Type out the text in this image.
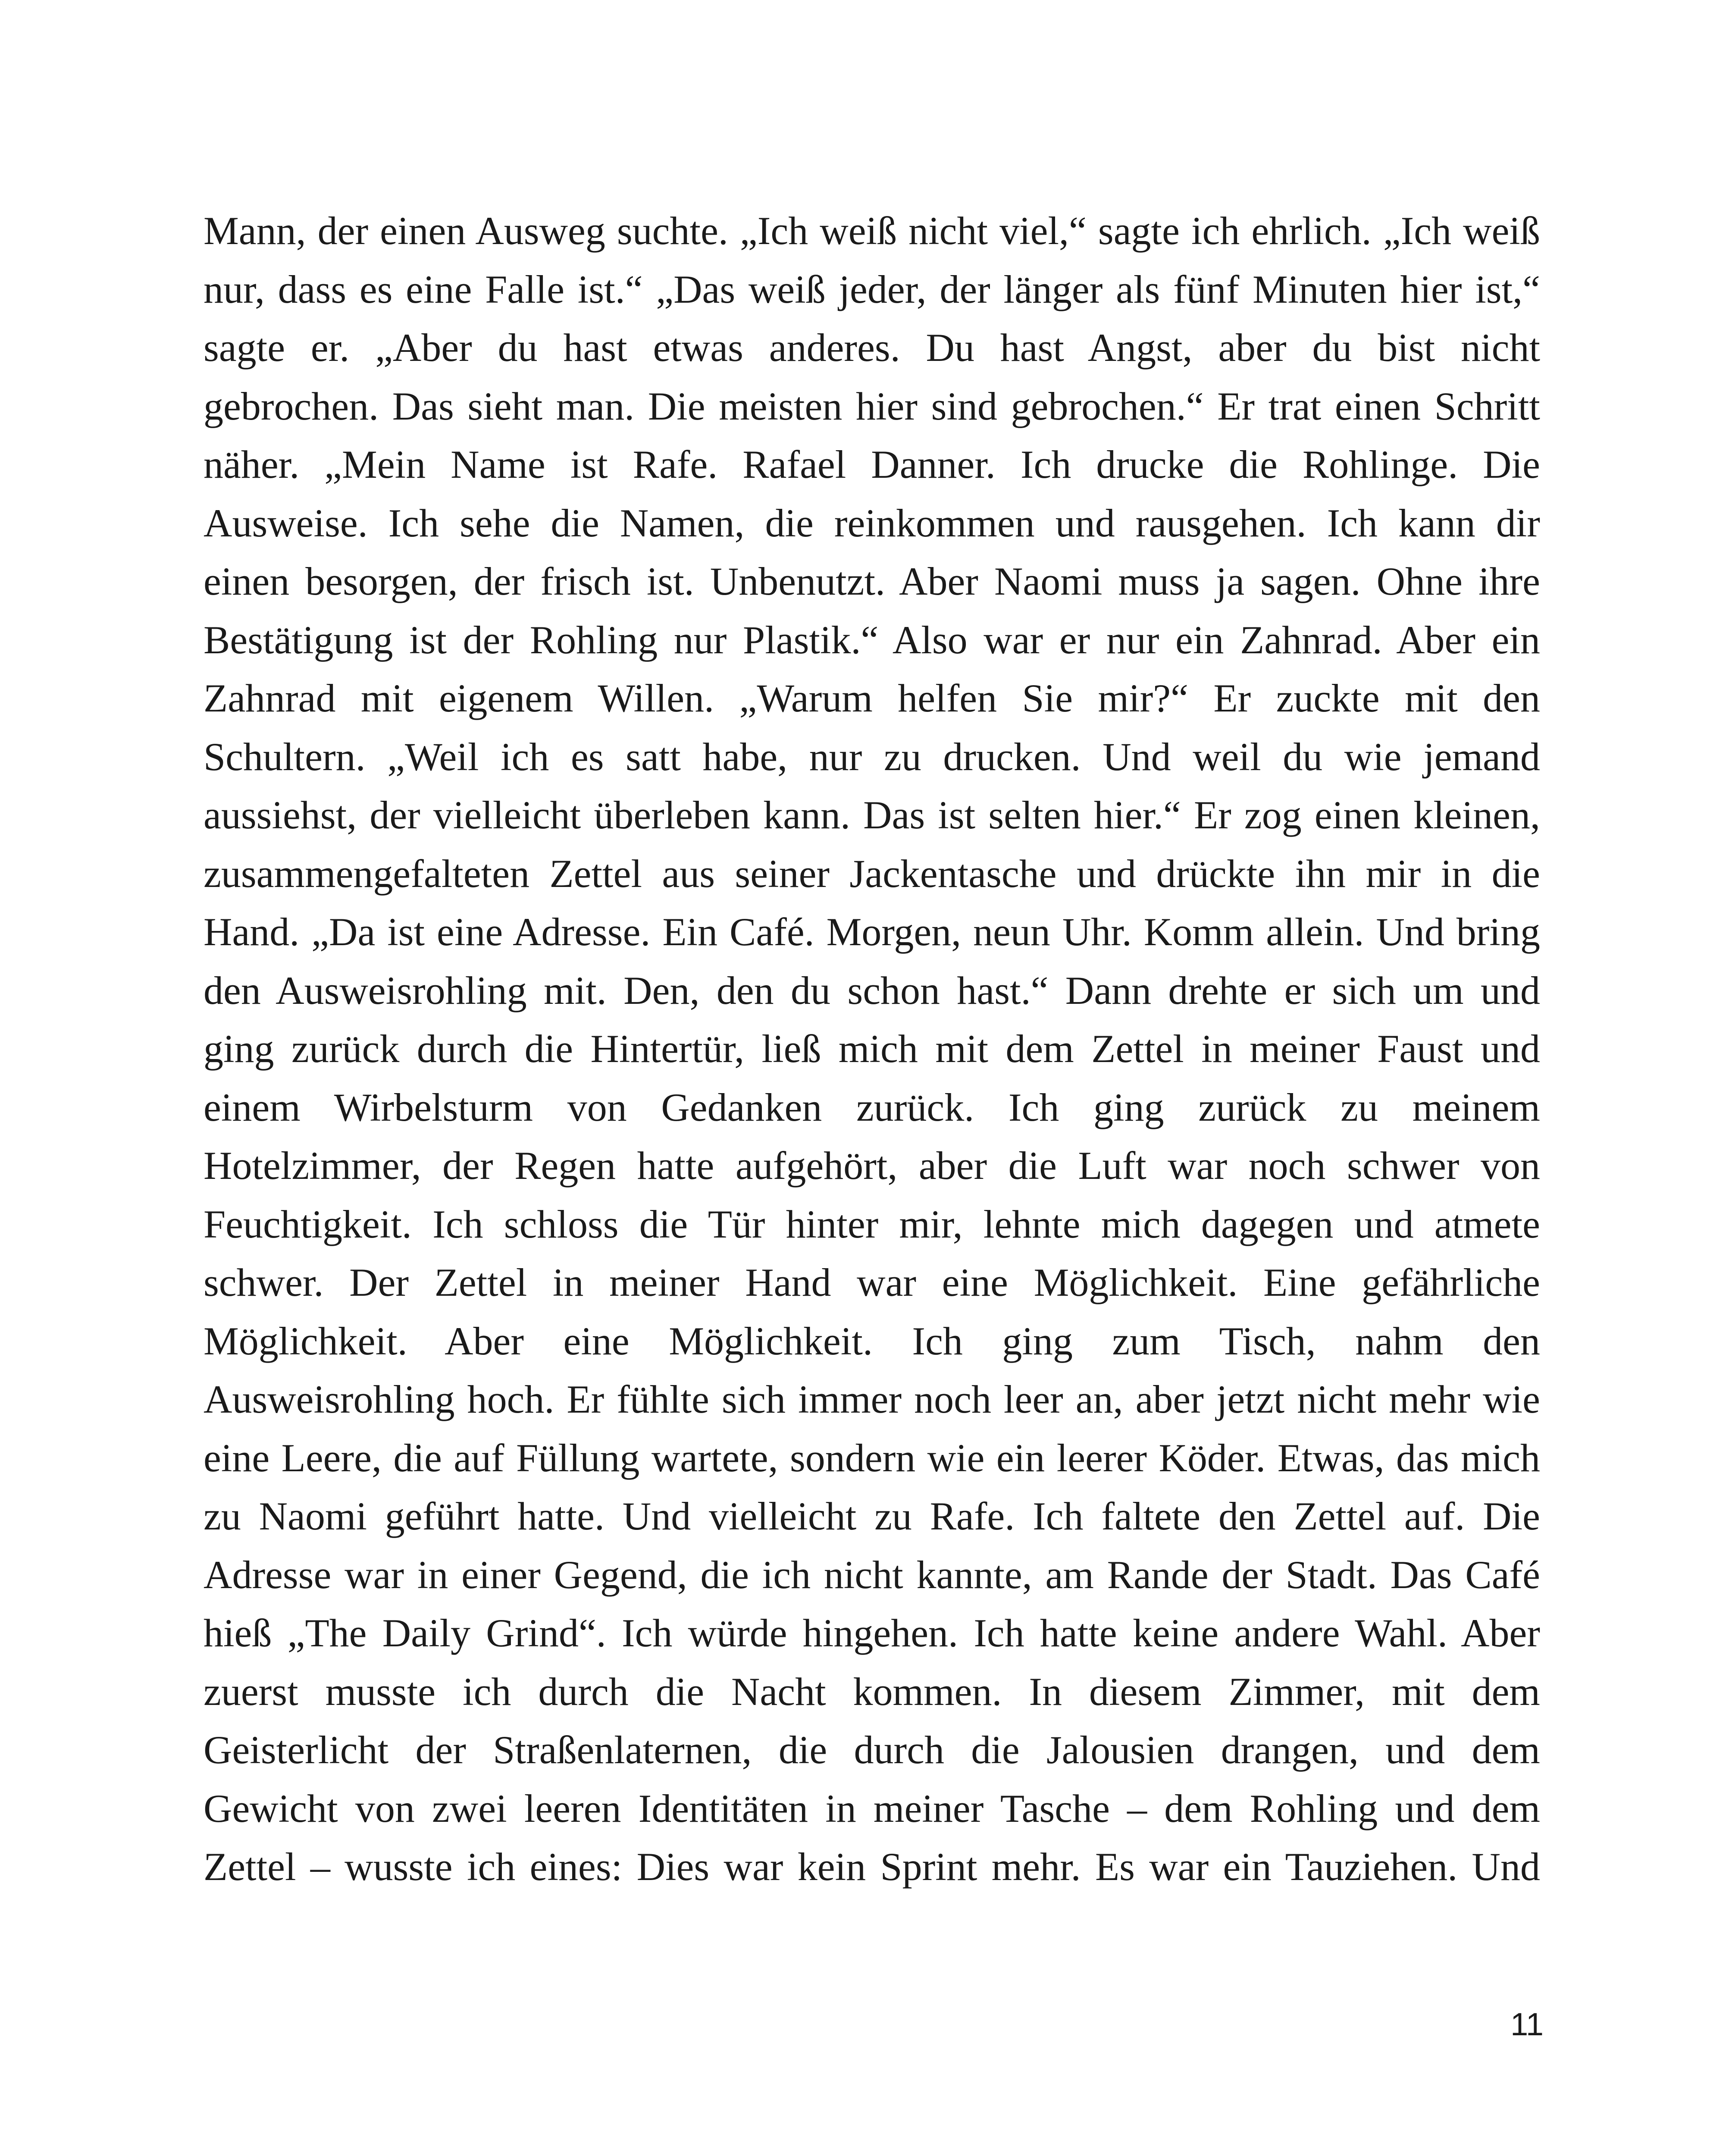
Mann, der einen Ausweg suchte. „Ich weiß nicht viel,“ sagte ich ehrlich. „Ich weiß
nur, dass es eine Falle ist.“ „Das weiß jeder, der länger als fünf Minuten hier ist,“
sagte er. „Aber du hast etwas anderes. Du hast Angst, aber du bist nicht
gebrochen. Das sieht man. Die meisten hier sind gebrochen.“ Er trat einen Schritt
näher. „Mein Name ist Rafe. Rafael Danner. Ich drucke die Rohlinge. Die
Ausweise. Ich sehe die Namen, die reinkommen und rausgehen. Ich kann dir
einen besorgen, der frisch ist. Unbenutzt. Aber Naomi muss ja sagen. Ohne ihre
Bestätigung ist der Rohling nur Plastik.“ Also war er nur ein Zahnrad. Aber ein
Zahnrad mit eigenem Willen. „Warum helfen Sie mir?“ Er zuckte mit den
Schultern. „Weil ich es satt habe, nur zu drucken. Und weil du wie jemand
aussiehst, der vielleicht überleben kann. Das ist selten hier.“ Er zog einen kleinen,
zusammengefalteten Zettel aus seiner Jackentasche und drückte ihn mir in die
Hand. „Da ist eine Adresse. Ein Café. Morgen, neun Uhr. Komm allein. Und bring
den Ausweisrohling mit. Den, den du schon hast.“ Dann drehte er sich um und
ging zurück durch die Hintertür, ließ mich mit dem Zettel in meiner Faust und
einem Wirbelsturm von Gedanken zurück. Ich ging zurück zu meinem
Hotelzimmer, der Regen hatte aufgehört, aber die Luft war noch schwer von
Feuchtigkeit. Ich schloss die Tür hinter mir, lehnte mich dagegen und atmete
schwer. Der Zettel in meiner Hand war eine Möglichkeit. Eine gefährliche
Möglichkeit. Aber eine Möglichkeit. Ich ging zum Tisch, nahm den
Ausweisrohling hoch. Er fühlte sich immer noch leer an, aber jetzt nicht mehr wie
eine Leere, die auf Füllung wartete, sondern wie ein leerer Köder. Etwas, das mich
zu Naomi geführt hatte. Und vielleicht zu Rafe. Ich faltete den Zettel auf. Die
Adresse war in einer Gegend, die ich nicht kannte, am Rande der Stadt. Das Café
hieß „The Daily Grind“. Ich würde hingehen. Ich hatte keine andere Wahl. Aber
zuerst musste ich durch die Nacht kommen. In diesem Zimmer, mit dem
Geisterlicht der Straßenlaternen, die durch die Jalousien drangen, und dem
Gewicht von zwei leeren Identitäten in meiner Tasche – dem Rohling und dem
Zettel – wusste ich eines: Dies war kein Sprint mehr. Es war ein Tauziehen. Und
11
